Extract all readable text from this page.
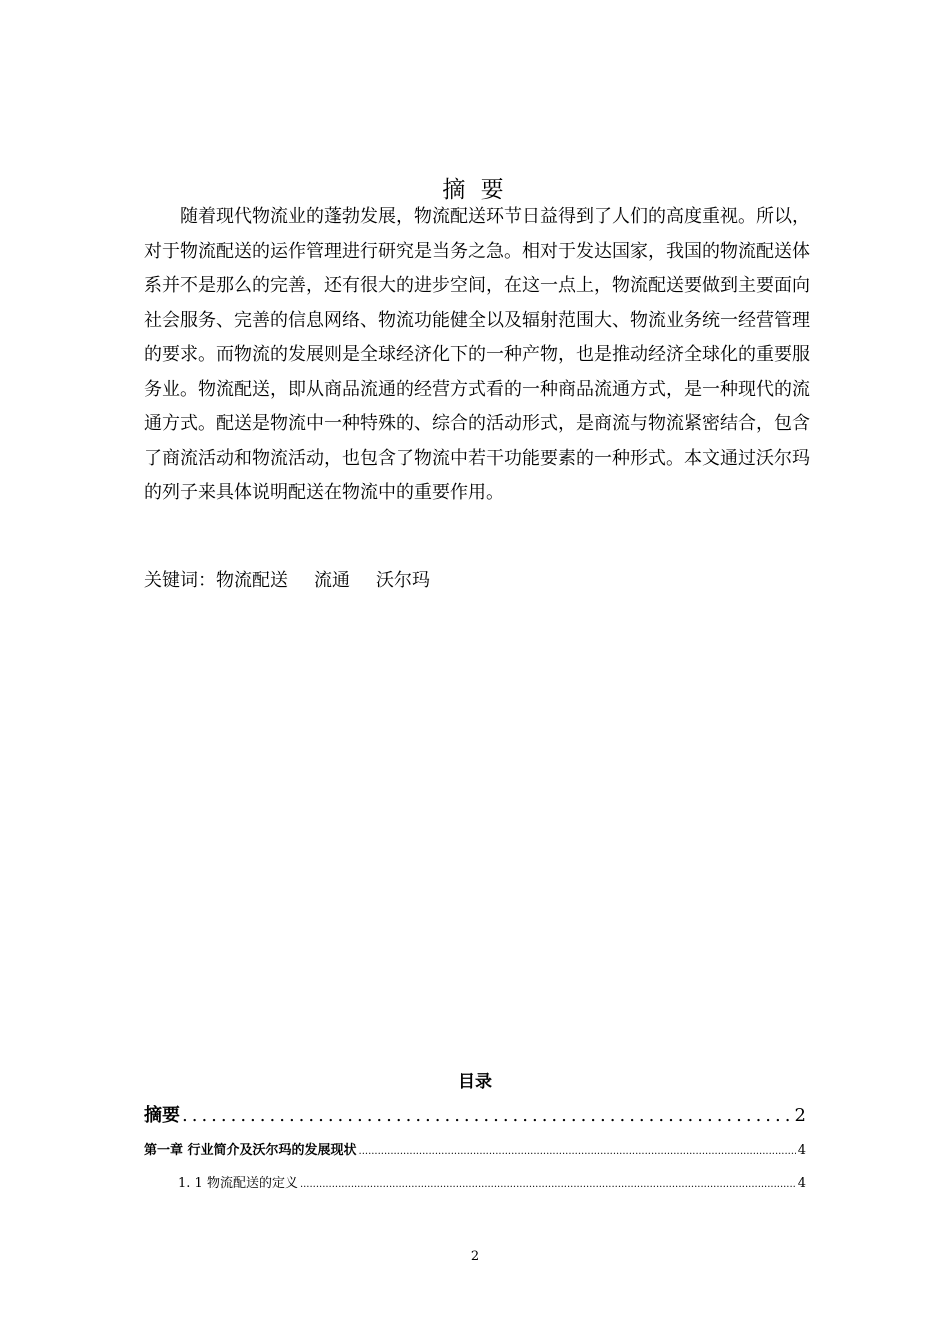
摘 要

随着现代物流业的蓬勃发展，物流配送环节日益得到了人们的高度重视。所以，对于物流配送的运作管理进行研究是当务之急。相对于发达国家，我国的物流配送体系并不是那么的完善，还有很大的进步空间，在这一点上，物流配送要做到主要面向社会服务、完善的信息网络、物流功能健全以及辐射范围大、物流业务统一经营管理的要求。而物流的发展则是全球经济化下的一种产物，也是推动经济全球化的重要服务业。物流配送，即从商品流通的经营方式看的一种商品流通方式，是一种现代的流通方式。配送是物流中一种特殊的、综合的活动形式，是商流与物流紧密结合，包含了商流活动和物流活动，也包含了物流中若干功能要素的一种形式。本文通过沃尔玛的列子来具体说明配送在物流中的重要作用。

关键词：物流配送 流通 沃尔玛
目录
摘要 .....	2
第一章 行业简介及沃尔玛的发展现状 .....	4
1. 1 物流配送的定义 .....	4
2
